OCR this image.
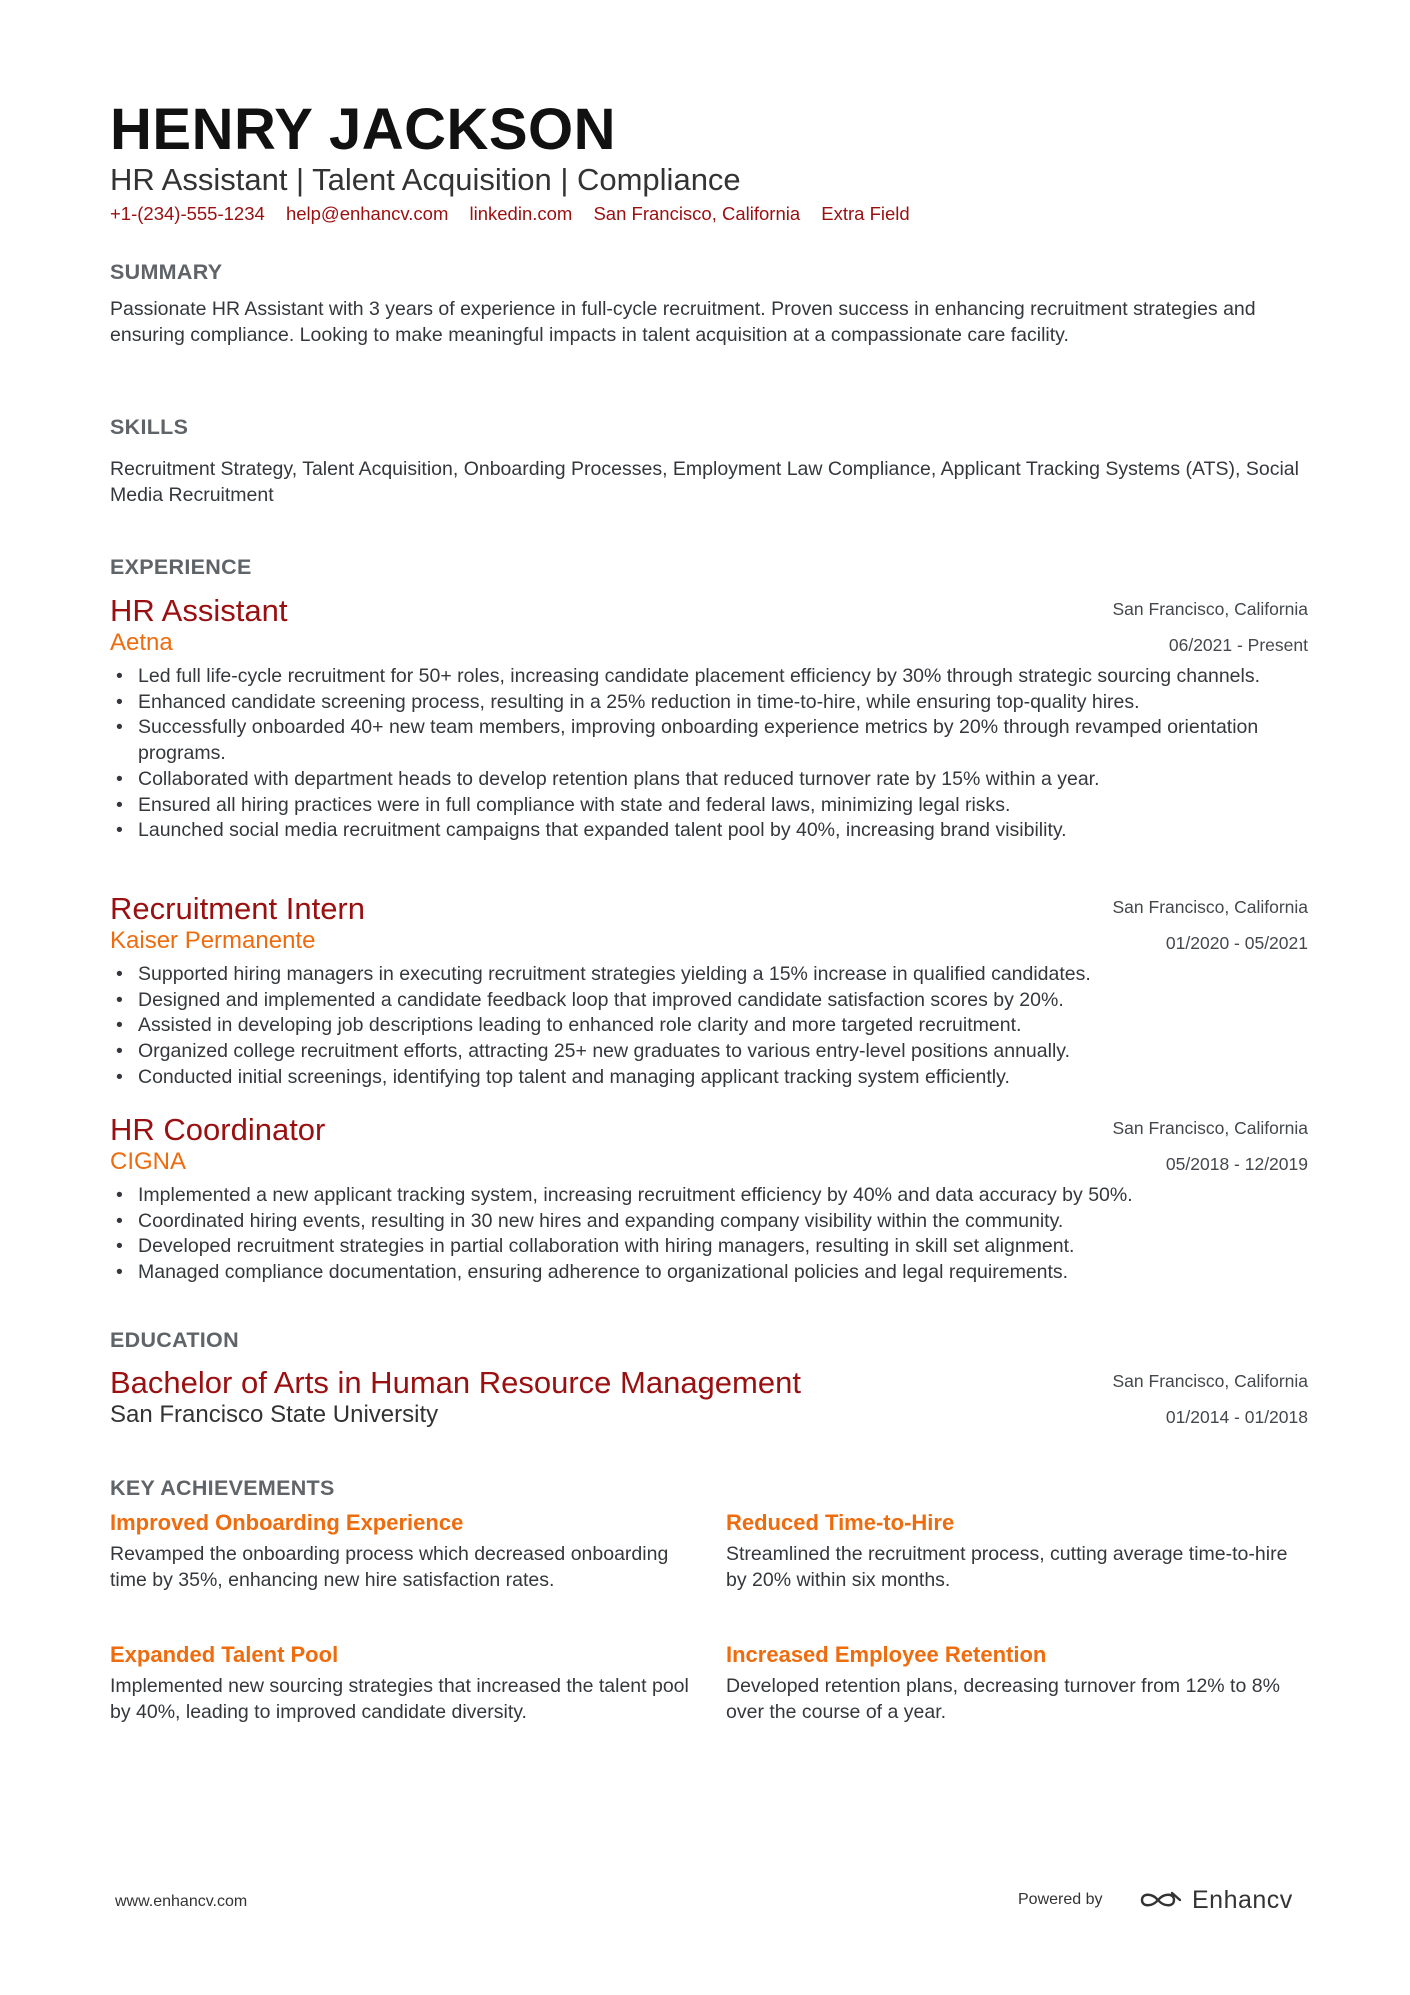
HENRY JACKSON
HR Assistant | Talent Acquisition | Compliance
+1-(234)-555-1234 help@enhancv.com linkedin.com San Francisco, California Extra Field
SUMMARY

Passionate HR Assistant with 3 years of experience in full-cycle recruitment. Proven success in enhancing recruitment strategies and ensuring compliance. Looking to make meaningful impacts in talent acquisition at a compassionate care facility.

SKILLS

Recruitment Strategy, Talent Acquisition, Onboarding Processes, Employment Law Compliance, Applicant Tracking Systems (ATS), Social Media Recruitment

EXPERIENCE
HR Assistant
Aetna
San Francisco, California
06/2021 - Present
• Led full life-cycle recruitment for 50+ roles, increasing candidate placement efficiency by 30% through strategic sourcing channels.
• Enhanced candidate screening process, resulting in a 25% reduction in time-to-hire, while ensuring top-quality hires.
• Successfully onboarded 40+ new team members, improving onboarding experience metrics by 20% through revamped orientation programs.
• Collaborated with department heads to develop retention plans that reduced turnover rate by 15% within a year.
• Ensured all hiring practices were in full compliance with state and federal laws, minimizing legal risks.
• Launched social media recruitment campaigns that expanded talent pool by 40%, increasing brand visibility.
Recruitment Intern
Kaiser Permanente
San Francisco, California
01/2020 - 05/2021
• Supported hiring managers in executing recruitment strategies yielding a 15% increase in qualified candidates.
• Designed and implemented a candidate feedback loop that improved candidate satisfaction scores by 20%.
• Assisted in developing job descriptions leading to enhanced role clarity and more targeted recruitment.
• Organized college recruitment efforts, attracting 25+ new graduates to various entry-level positions annually.
• Conducted initial screenings, identifying top talent and managing applicant tracking system efficiently.
HR Coordinator
CIGNA
San Francisco, California
05/2018 - 12/2019
• Implemented a new applicant tracking system, increasing recruitment efficiency by 40% and data accuracy by 50%.
• Coordinated hiring events, resulting in 30 new hires and expanding company visibility within the community.
• Developed recruitment strategies in partial collaboration with hiring managers, resulting in skill set alignment.
• Managed compliance documentation, ensuring adherence to organizational policies and legal requirements.
EDUCATION
Bachelor of Arts in Human Resource Management
San Francisco State University
San Francisco, California
01/2014 - 01/2018
KEY ACHIEVEMENTS

Improved Onboarding Experience

Revamped the onboarding process which decreased onboarding time by 35%, enhancing new hire satisfaction rates.

Reduced Time-to-Hire

Streamlined the recruitment process, cutting average time-to-hire by 20% within six months.

Expanded Talent Pool

Implemented new sourcing strategies that increased the talent pool by 40%, leading to improved candidate diversity.

Increased Employee Retention

Developed retention plans, decreasing turnover from 12% to 8% over the course of a year.

www.enhancv.com	Powered by	Enhancv
